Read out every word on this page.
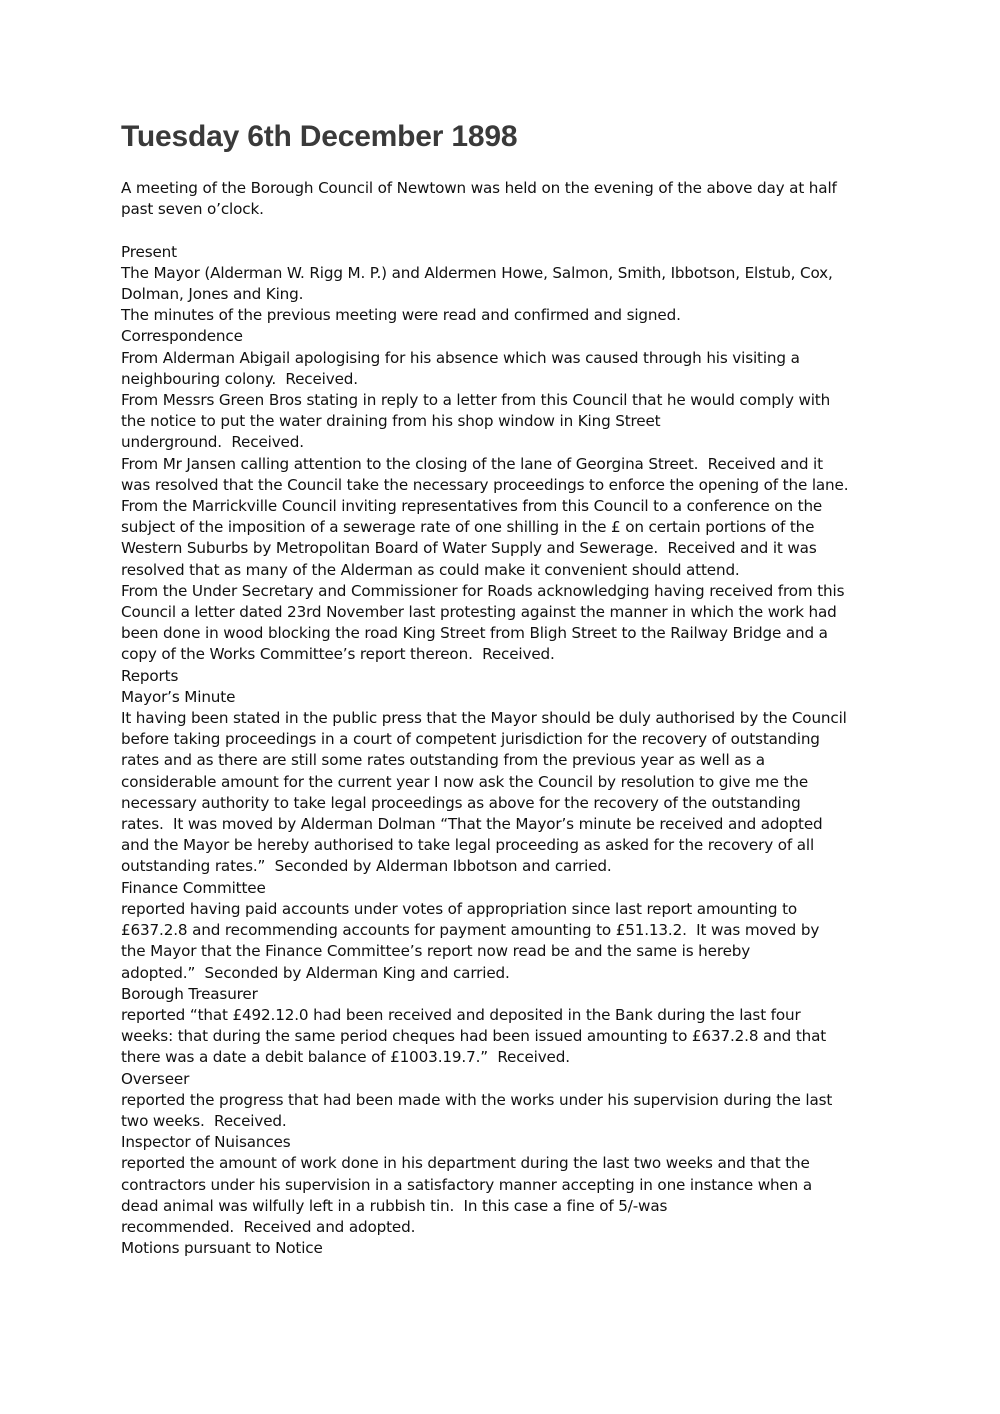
Tuesday 6th December 1898

A meeting of the Borough Council of Newtown was held on the evening of the above day at half

past seven o’clock.

Present

The Mayor (Alderman W. Rigg M. P.) and Aldermen Howe, Salmon, Smith, Ibbotson, Elstub, Cox,

Dolman, Jones and King.

The minutes of the previous meeting were read and confirmed and signed.

Correspondence

From Alderman Abigail apologising for his absence which was caused through his visiting a

neighbouring colony.  Received.

From Messrs Green Bros stating in reply to a letter from this Council that he would comply with

the notice to put the water draining from his shop window in King Street

underground.  Received.

From Mr Jansen calling attention to the closing of the lane of Georgina Street.  Received and it

was resolved that the Council take the necessary proceedings to enforce the opening of the lane.

From the Marrickville Council inviting representatives from this Council to a conference on the

subject of the imposition of a sewerage rate of one shilling in the £ on certain portions of the

Western Suburbs by Metropolitan Board of Water Supply and Sewerage.  Received and it was

resolved that as many of the Alderman as could make it convenient should attend.

From the Under Secretary and Commissioner for Roads acknowledging having received from this

Council a letter dated 23rd November last protesting against the manner in which the work had

been done in wood blocking the road King Street from Bligh Street to the Railway Bridge and a

copy of the Works Committee’s report thereon.  Received.

Reports

Mayor’s Minute

It having been stated in the public press that the Mayor should be duly authorised by the Council

before taking proceedings in a court of competent jurisdiction for the recovery of outstanding

rates and as there are still some rates outstanding from the previous year as well as a

considerable amount for the current year I now ask the Council by resolution to give me the

necessary authority to take legal proceedings as above for the recovery of the outstanding

rates.  It was moved by Alderman Dolman “That the Mayor’s minute be received and adopted

and the Mayor be hereby authorised to take legal proceeding as asked for the recovery of all

outstanding rates.”  Seconded by Alderman Ibbotson and carried.

Finance Committee

reported having paid accounts under votes of appropriation since last report amounting to

£637.2.8 and recommending accounts for payment amounting to £51.13.2.  It was moved by

the Mayor that the Finance Committee’s report now read be and the same is hereby

adopted.”  Seconded by Alderman King and carried.

Borough Treasurer

reported “that £492.12.0 had been received and deposited in the Bank during the last four

weeks: that during the same period cheques had been issued amounting to £637.2.8 and that

there was a date a debit balance of £1003.19.7.”  Received.

Overseer

reported the progress that had been made with the works under his supervision during the last

two weeks.  Received.

Inspector of Nuisances

reported the amount of work done in his department during the last two weeks and that the

contractors under his supervision in a satisfactory manner accepting in one instance when a

dead animal was wilfully left in a rubbish tin.  In this case a fine of 5/-was

recommended.  Received and adopted.

Motions pursuant to Notice
